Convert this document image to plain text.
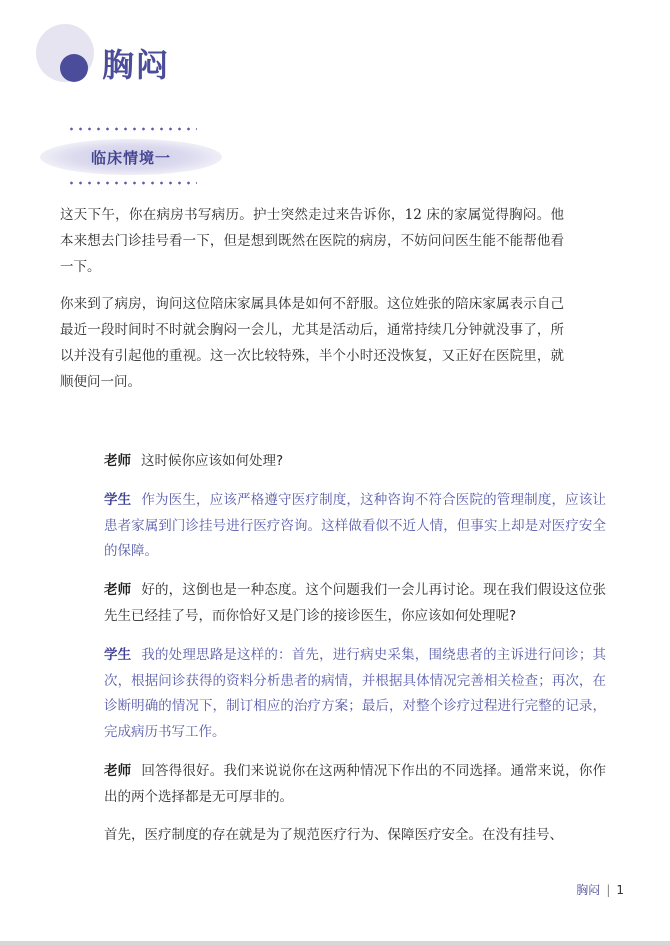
胸闷
临床情境一

这天下午，你在病房书写病历。护士突然走过来告诉你，12 床的家属觉得胸闷。他本来想去门诊挂号看一下，但是想到既然在医院的病房，不妨问问医生能不能帮他看一下。

你来到了病房，询问这位陪床家属具体是如何不舒服。这位姓张的陪床家属表示自己最近一段时间时不时就会胸闷一会儿，尤其是活动后，通常持续几分钟就没事了，所以并没有引起他的重视。这一次比较特殊，半个小时还没恢复，又正好在医院里，就顺便问一问。

老师 这时候你应该如何处理?

学生 作为医生，应该严格遵守医疗制度，这种咨询不符合医院的管理制度，应该让患者家属到门诊挂号进行医疗咨询。这样做看似不近人情，但事实上却是对医疗安全的保障。

老师 好的，这倒也是一种态度。这个问题我们一会儿再讨论。现在我们假设这位张先生已经挂了号，而你恰好又是门诊的接诊医生，你应该如何处理呢?

学生 我的处理思路是这样的：首先，进行病史采集，围绕患者的主诉进行问诊；其次，根据问诊获得的资料分析患者的病情，并根据具体情况完善相关检查；再次，在诊断明确的情况下，制订相应的治疗方案；最后，对整个诊疗过程进行完整的记录，完成病历书写工作。

老师 回答得很好。我们来说说你在这两种情况下作出的不同选择。通常来说，你作出的两个选择都是无可厚非的。

首先，医疗制度的存在就是为了规范医疗行为、保障医疗安全。在没有挂号、

胸闷 | 1
